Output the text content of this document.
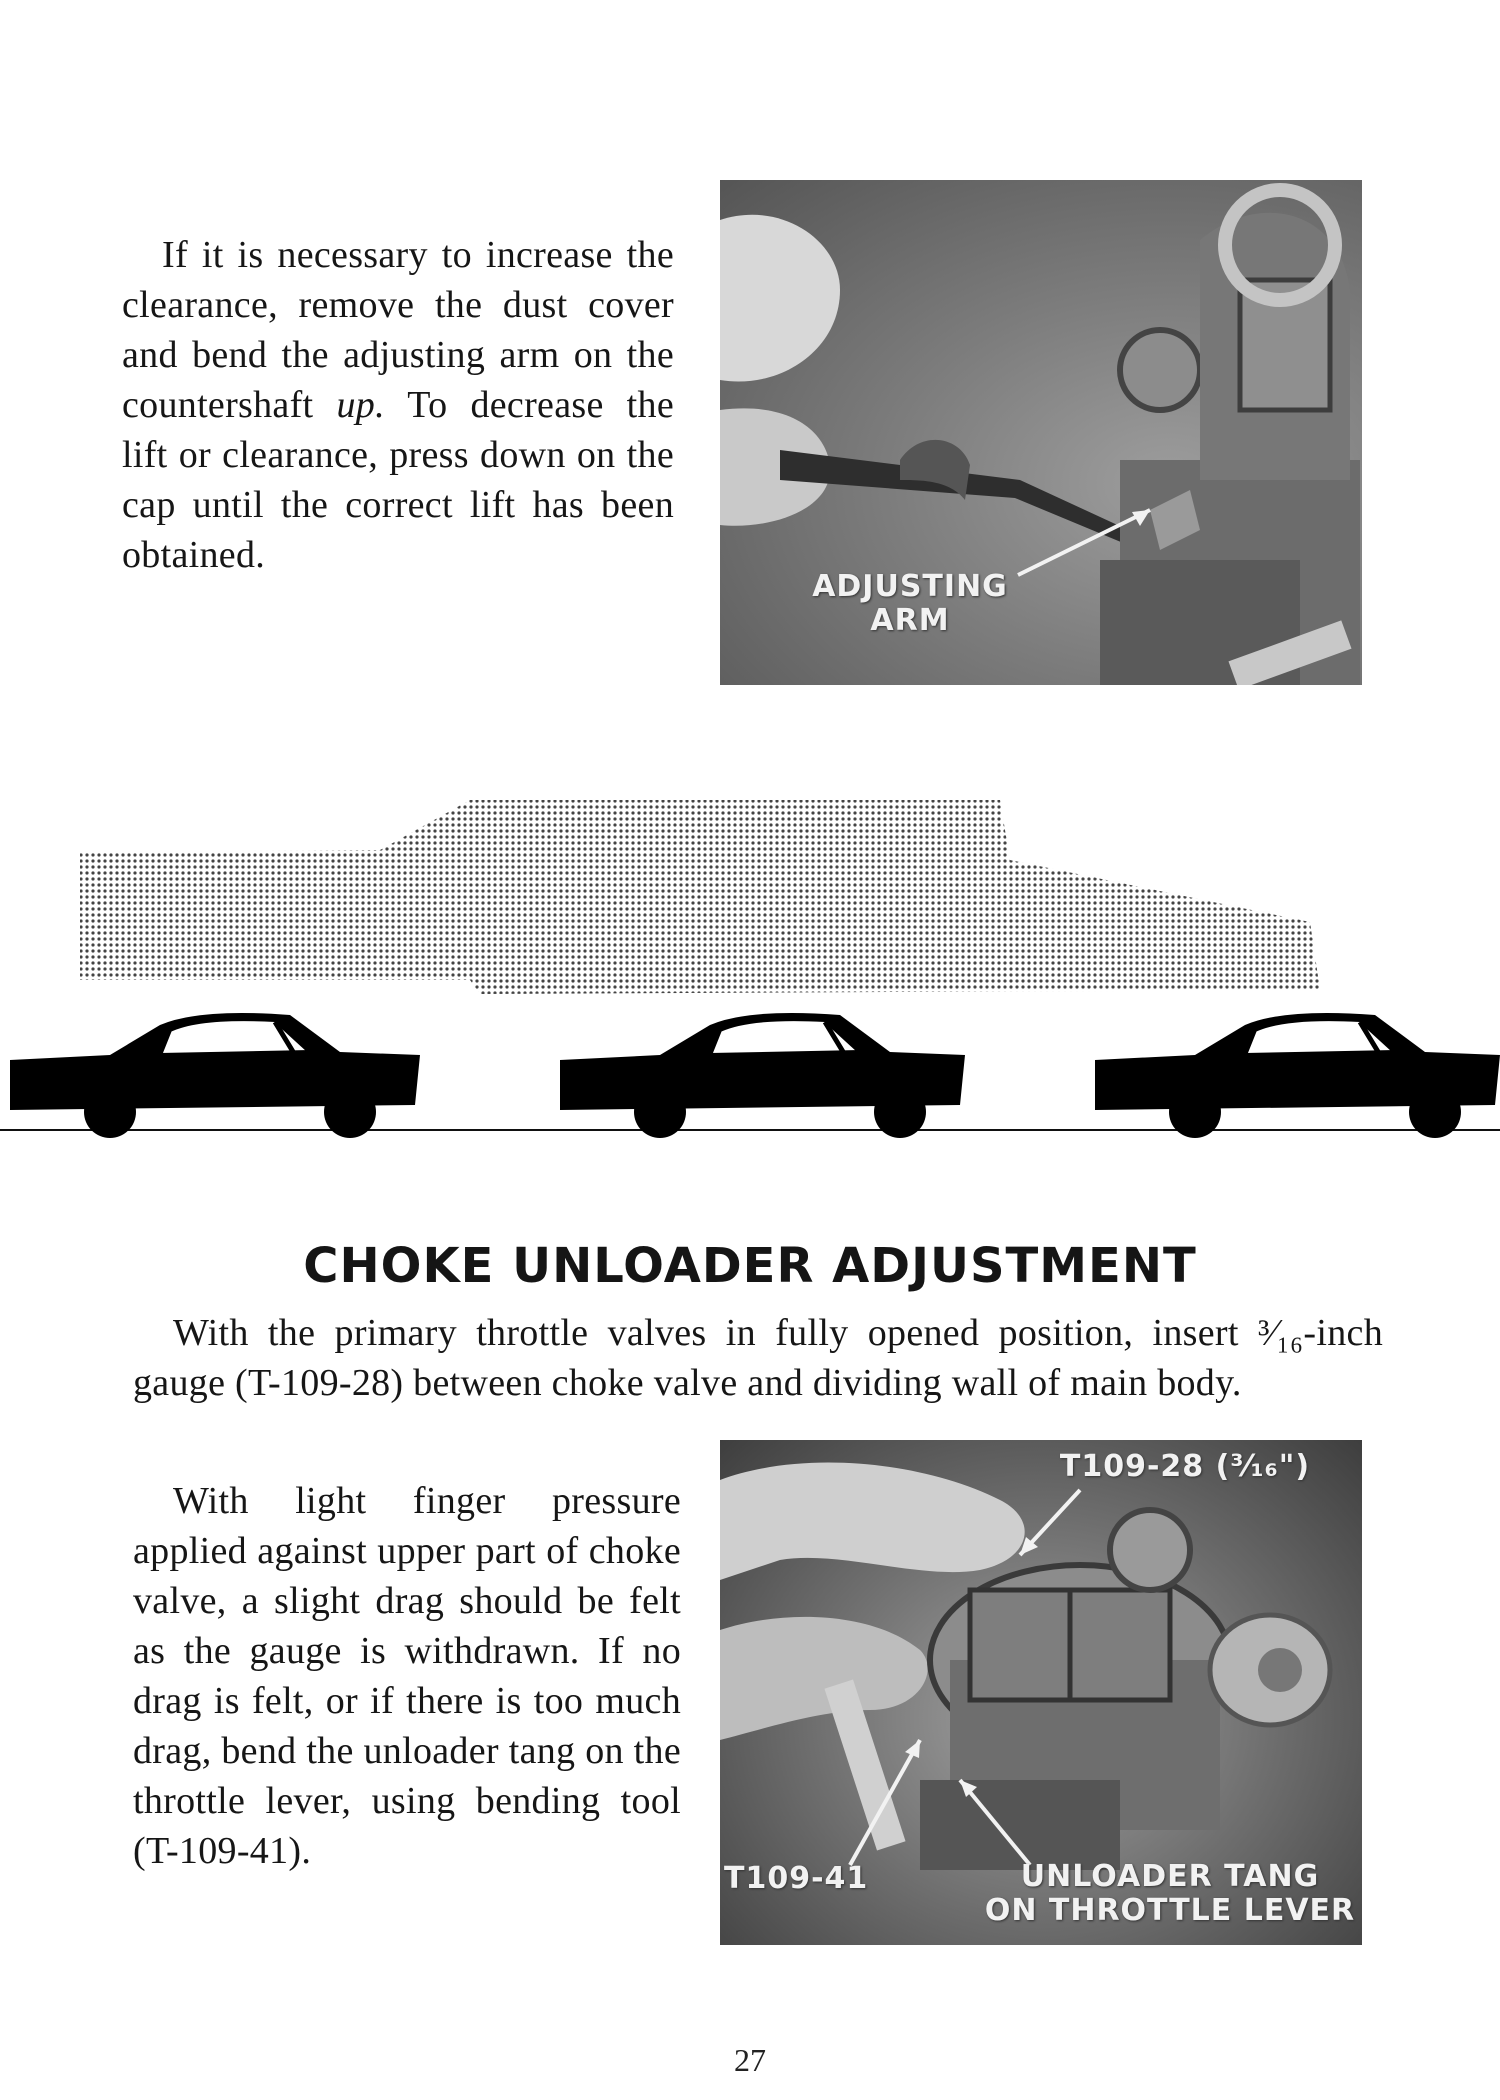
If it is necessary to increase the clearance, remove the dust cover and bend the adjusting arm on the countershaft up. To decrease the lift or clearance, press down on the cap until the correct lift has been obtained.
ADJUSTING
ARM
CHOKE UNLOADER ADJUSTMENT
With the primary throttle valves in fully opened position, insert ³⁄₁₆-inch gauge (T-109-28) between choke valve and dividing wall of main body.
With light finger pressure applied against upper part of choke valve, a slight drag should be felt as the gauge is withdrawn. If no drag is felt, or if there is too much drag, bend the unloader tang on the throttle lever, using bending tool (T-109-41).
T109-28 (³⁄₁₆")
T109-41	UNLOADER TANG
ON THROTTLE LEVER
27
